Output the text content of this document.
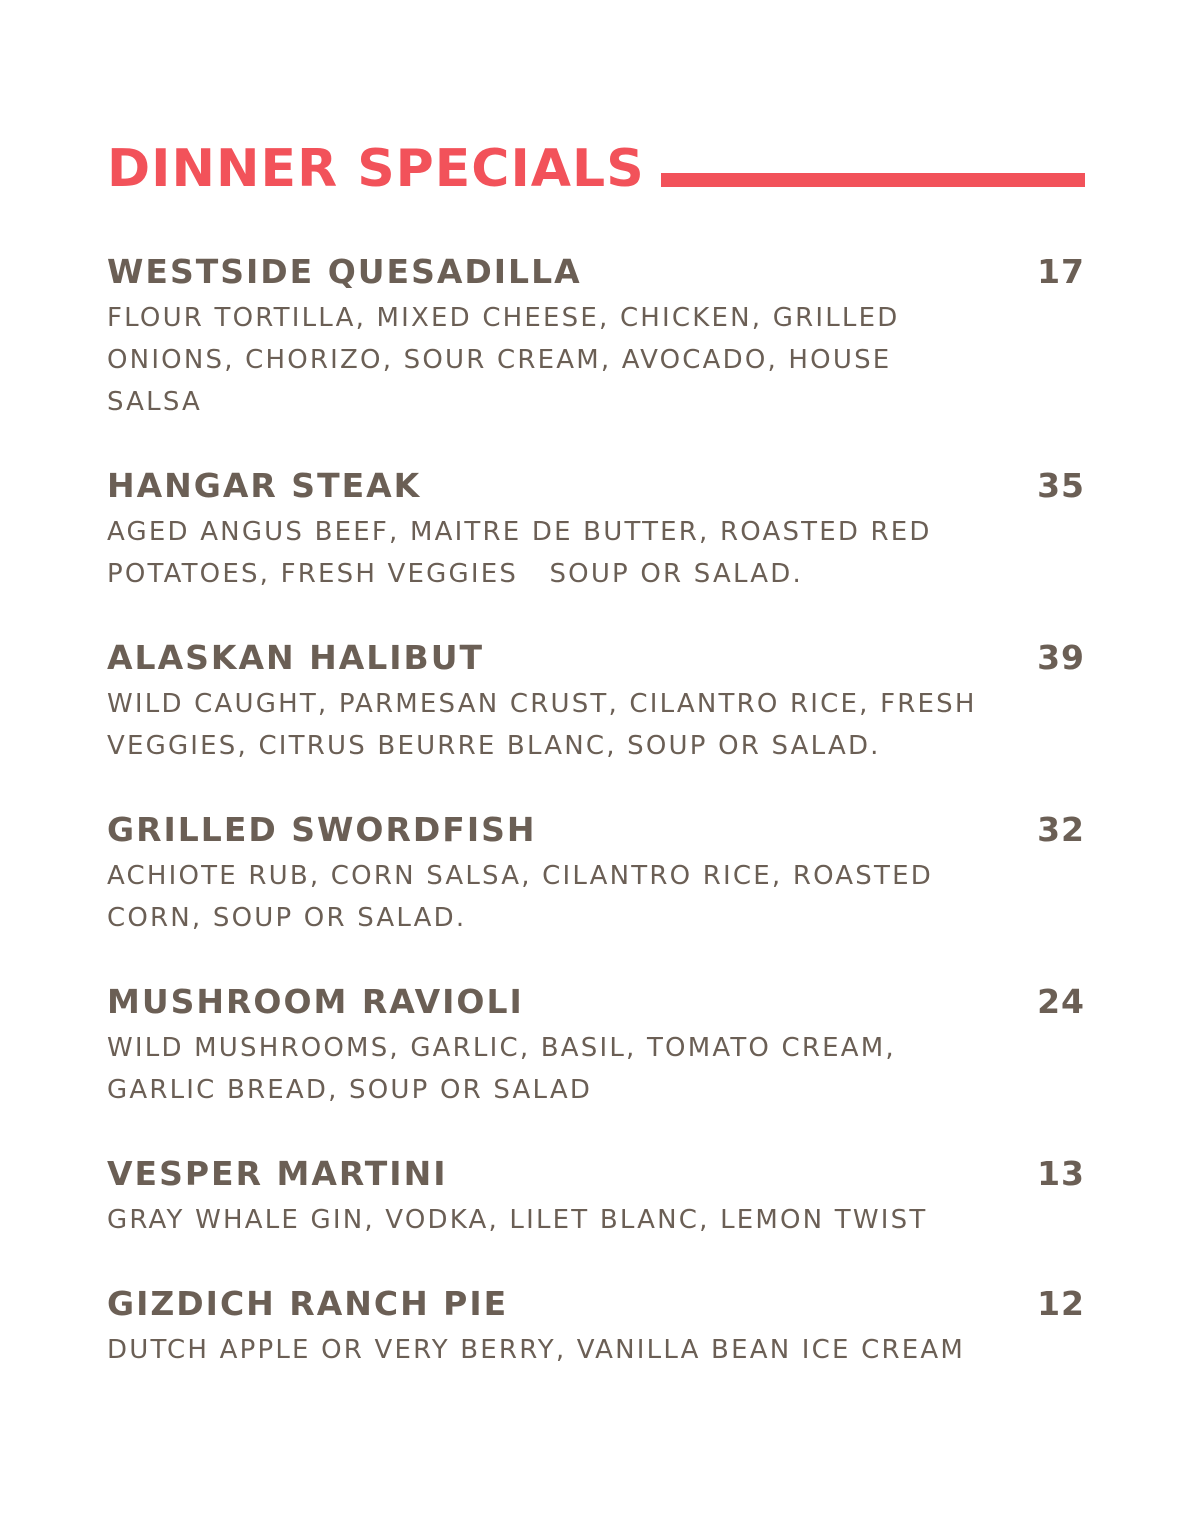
DINNER SPECIALS
WESTSIDE QUESADILLA	17
FLOUR TORTILLA, MIXED CHEESE, CHICKEN, GRILLED
ONIONS, CHORIZO, SOUR CREAM, AVOCADO, HOUSE
SALSA
HANGAR STEAK	35
AGED ANGUS BEEF, MAITRE DE BUTTER, ROASTED RED
POTATOES, FRESH VEGGIES   SOUP OR SALAD.
ALASKAN HALIBUT	39
WILD CAUGHT, PARMESAN CRUST, CILANTRO RICE, FRESH
VEGGIES, CITRUS BEURRE BLANC, SOUP OR SALAD.
GRILLED SWORDFISH	32
ACHIOTE RUB, CORN SALSA, CILANTRO RICE, ROASTED
CORN, SOUP OR SALAD.
MUSHROOM RAVIOLI	24
WILD MUSHROOMS, GARLIC, BASIL, TOMATO CREAM,
GARLIC BREAD, SOUP OR SALAD
VESPER MARTINI	13
GRAY WHALE GIN, VODKA, LILET BLANC, LEMON TWIST
GIZDICH RANCH PIE	12
DUTCH APPLE OR VERY BERRY, VANILLA BEAN ICE CREAM
